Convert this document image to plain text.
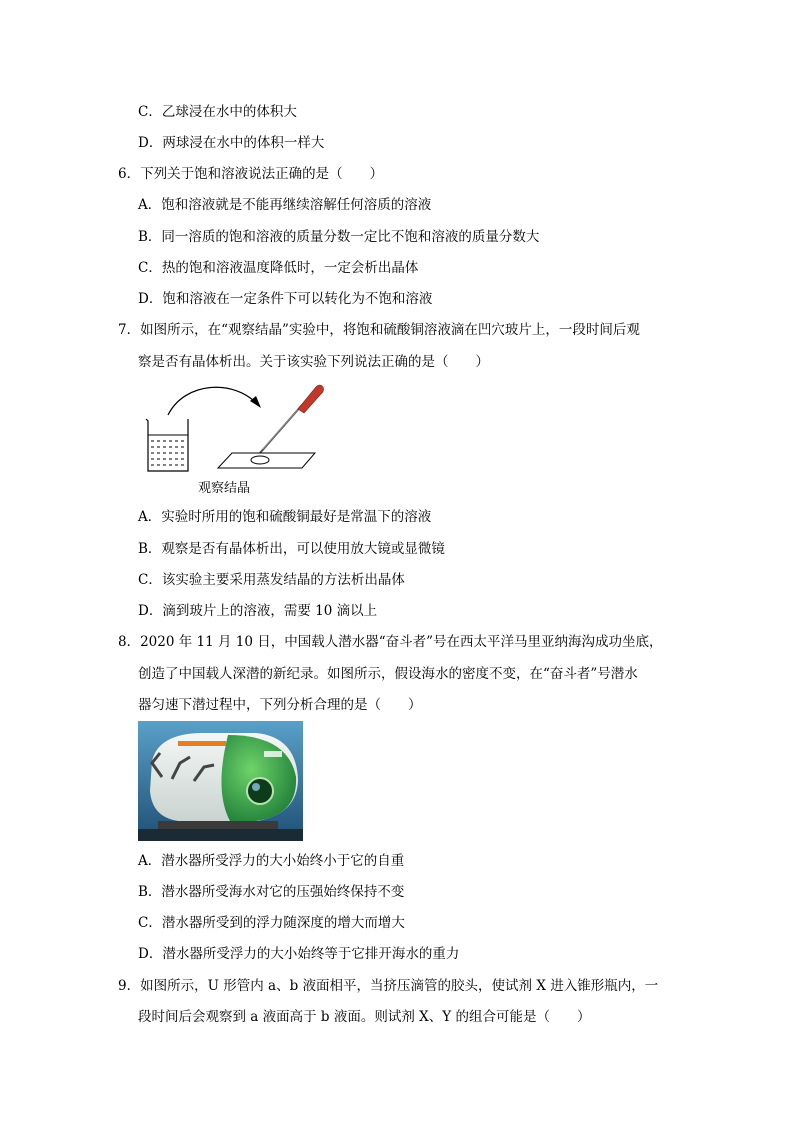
C．乙球浸在水中的体积大
D．两球浸在水中的体积一样大
6．下列关于饱和溶液说法正确的是（　　）
A．饱和溶液就是不能再继续溶解任何溶质的溶液
B．同一溶质的饱和溶液的质量分数一定比不饱和溶液的质量分数大
C．热的饱和溶液温度降低时，一定会析出晶体
D．饱和溶液在一定条件下可以转化为不饱和溶液
7．如图所示，在“观察结晶”实验中，将饱和硫酸铜溶液滴在凹穴玻片上，一段时间后观
察是否有晶体析出。关于该实验下列说法正确的是（　　）
观察结晶
A．实验时所用的饱和硫酸铜最好是常温下的溶液
B．观察是否有晶体析出，可以使用放大镜或显微镜
C．该实验主要采用蒸发结晶的方法析出晶体
D．滴到玻片上的溶液，需要 10 滴以上
8．2020 年 11 月 10 日，中国载人潜水器“奋斗者”号在西太平洋马里亚纳海沟成功坐底，
创造了中国载人深潜的新纪录。如图所示，假设海水的密度不变，在“奋斗者”号潜水
器匀速下潜过程中，下列分析合理的是（　　）
A．潜水器所受浮力的大小始终小于它的自重
B．潜水器所受海水对它的压强始终保持不变
C．潜水器所受到的浮力随深度的增大而增大
D．潜水器所受浮力的大小始终等于它排开海水的重力
9．如图所示，U 形管内 a、b 液面相平，当挤压滴管的胶头，使试剂 X 进入锥形瓶内，一
段时间后会观察到 a 液面高于 b 液面。则试剂 X、Y 的组合可能是（　　）
